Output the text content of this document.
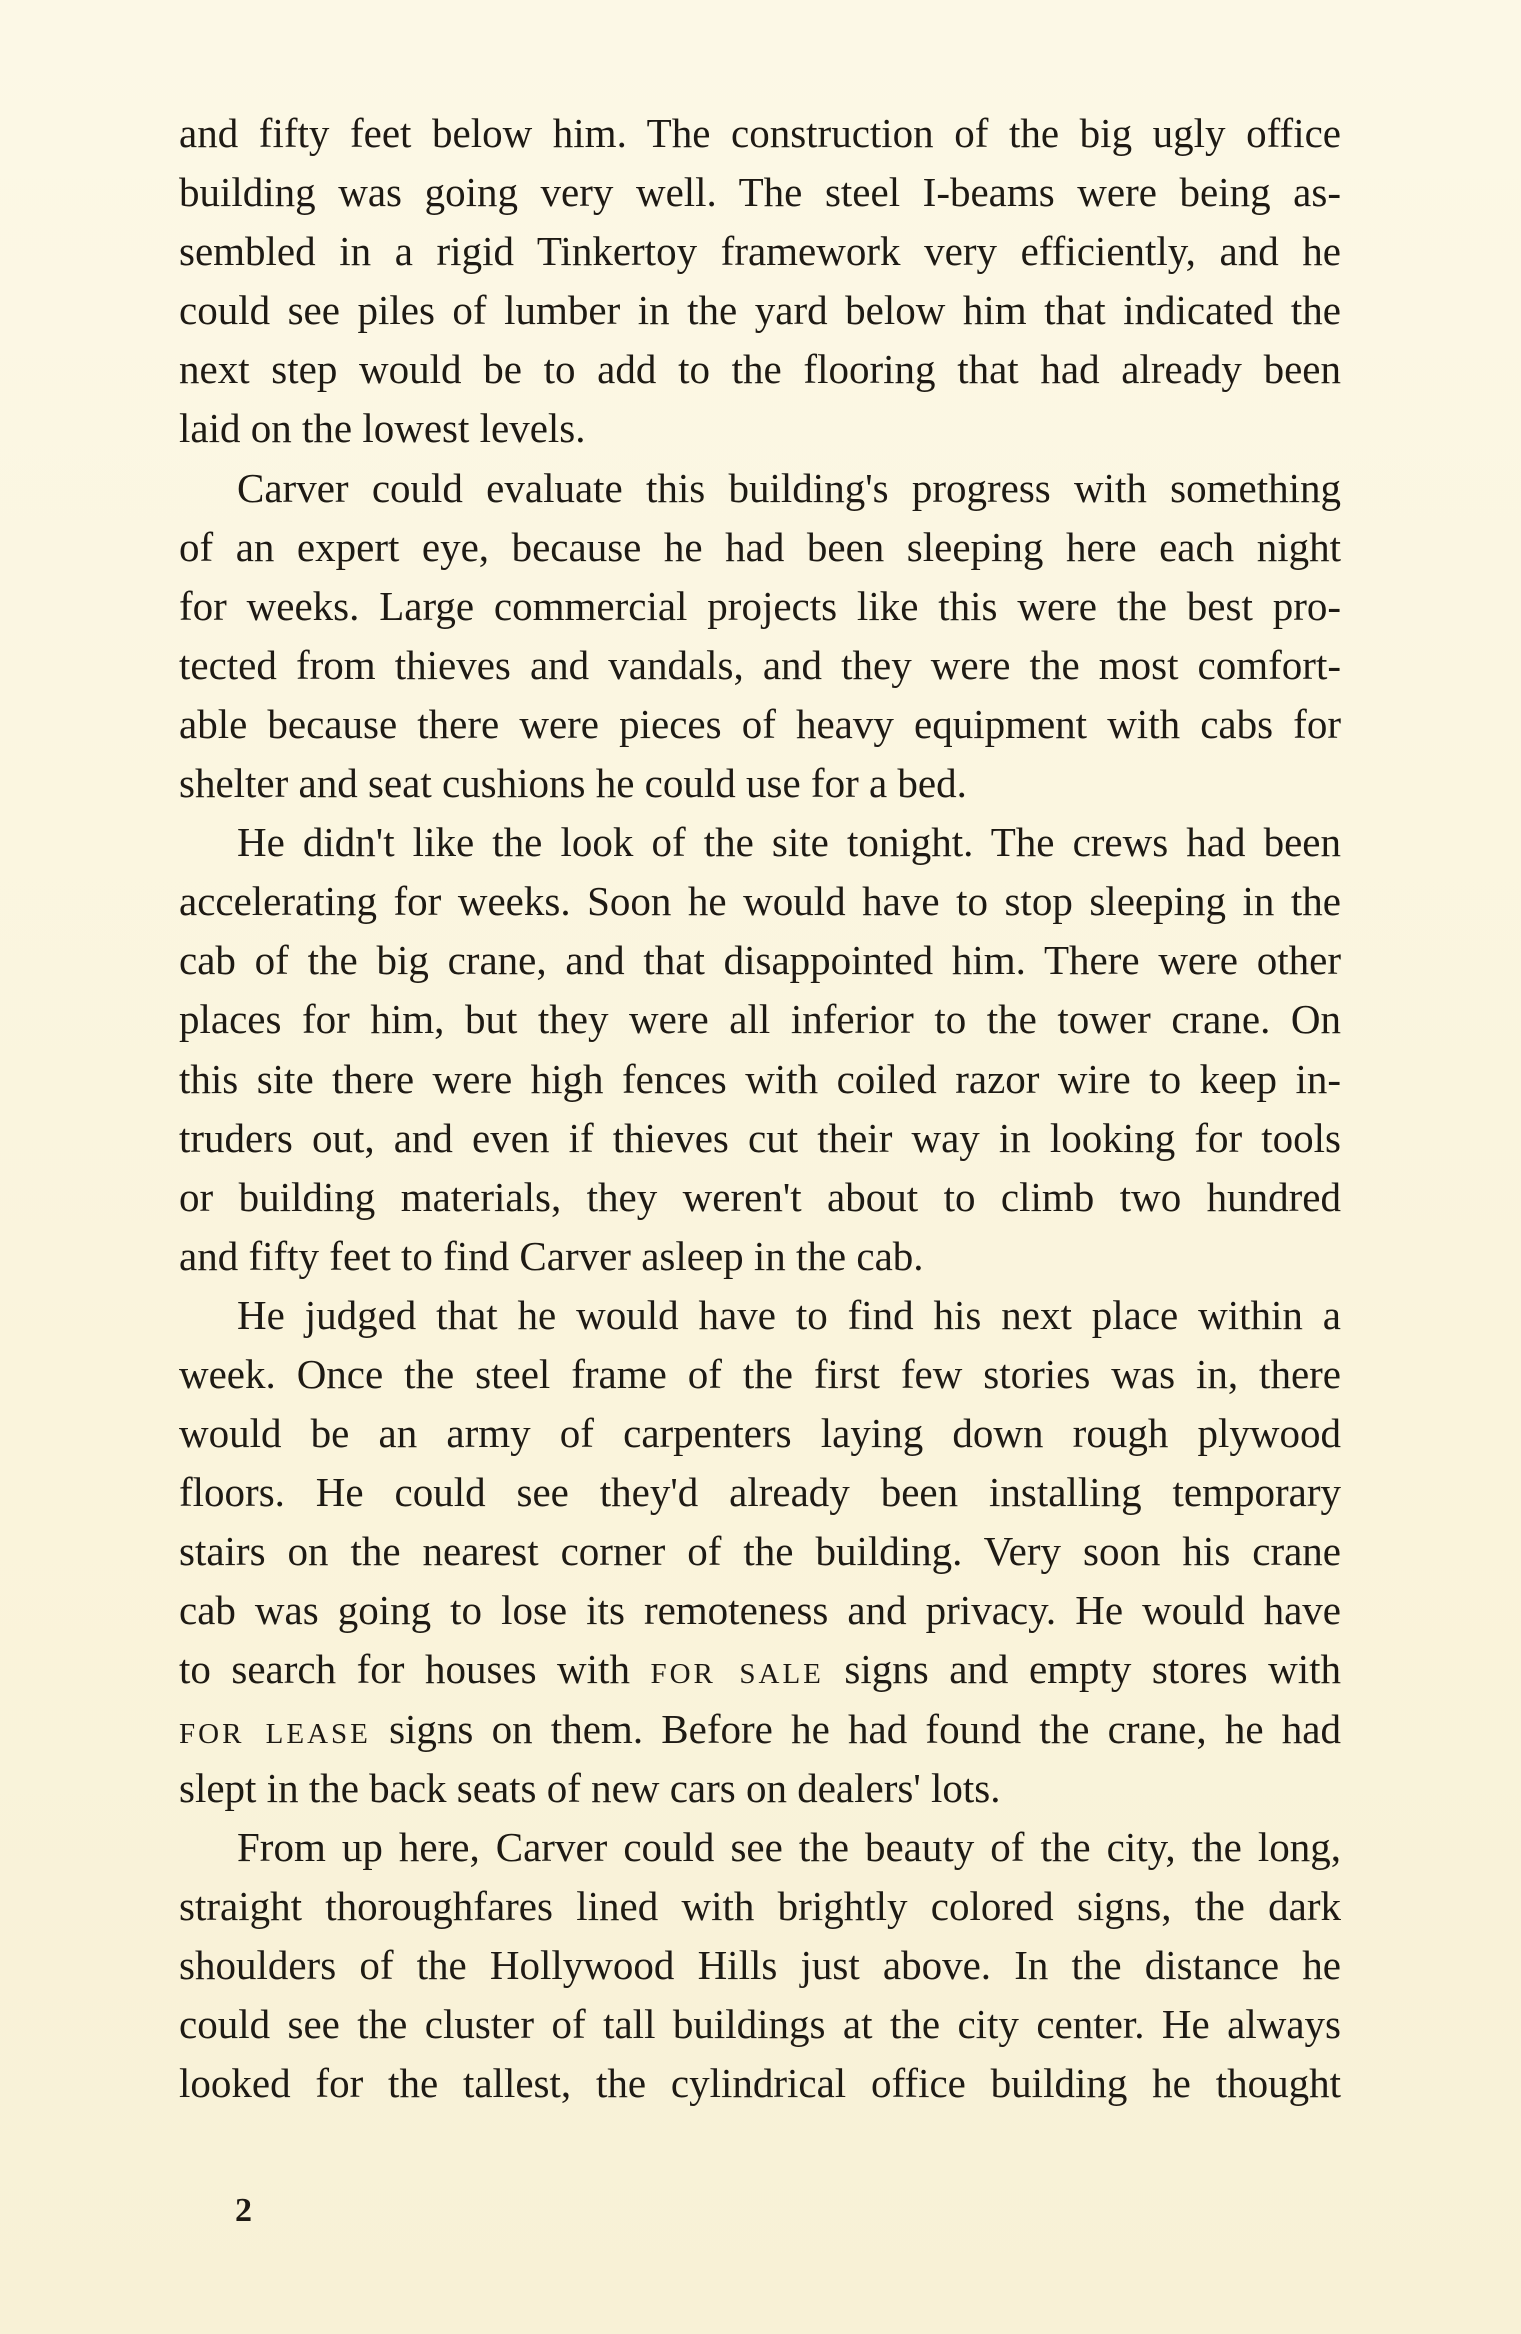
and fifty feet below him. The construction of the big ugly office
building was going very well. The steel I-beams were being as-
sembled in a rigid Tinkertoy framework very efficiently, and he
could see piles of lumber in the yard below him that indicated the
next step would be to add to the flooring that had already been
laid on the lowest levels.
Carver could evaluate this building's progress with something
of an expert eye, because he had been sleeping here each night
for weeks. Large commercial projects like this were the best pro-
tected from thieves and vandals, and they were the most comfort-
able because there were pieces of heavy equipment with cabs for
shelter and seat cushions he could use for a bed.
He didn't like the look of the site tonight. The crews had been
accelerating for weeks. Soon he would have to stop sleeping in the
cab of the big crane, and that disappointed him. There were other
places for him, but they were all inferior to the tower crane. On
this site there were high fences with coiled razor wire to keep in-
truders out, and even if thieves cut their way in looking for tools
or building materials, they weren't about to climb two hundred
and fifty feet to find Carver asleep in the cab.
He judged that he would have to find his next place within a
week. Once the steel frame of the first few stories was in, there
would be an army of carpenters laying down rough plywood
floors. He could see they'd already been installing temporary
stairs on the nearest corner of the building. Very soon his crane
cab was going to lose its remoteness and privacy. He would have
to search for houses with for sale signs and empty stores with
for lease signs on them. Before he had found the crane, he had
slept in the back seats of new cars on dealers' lots.
From up here, Carver could see the beauty of the city, the long,
straight thoroughfares lined with brightly colored signs, the dark
shoulders of the Hollywood Hills just above. In the distance he
could see the cluster of tall buildings at the city center. He always
looked for the tallest, the cylindrical office building he thought
2
